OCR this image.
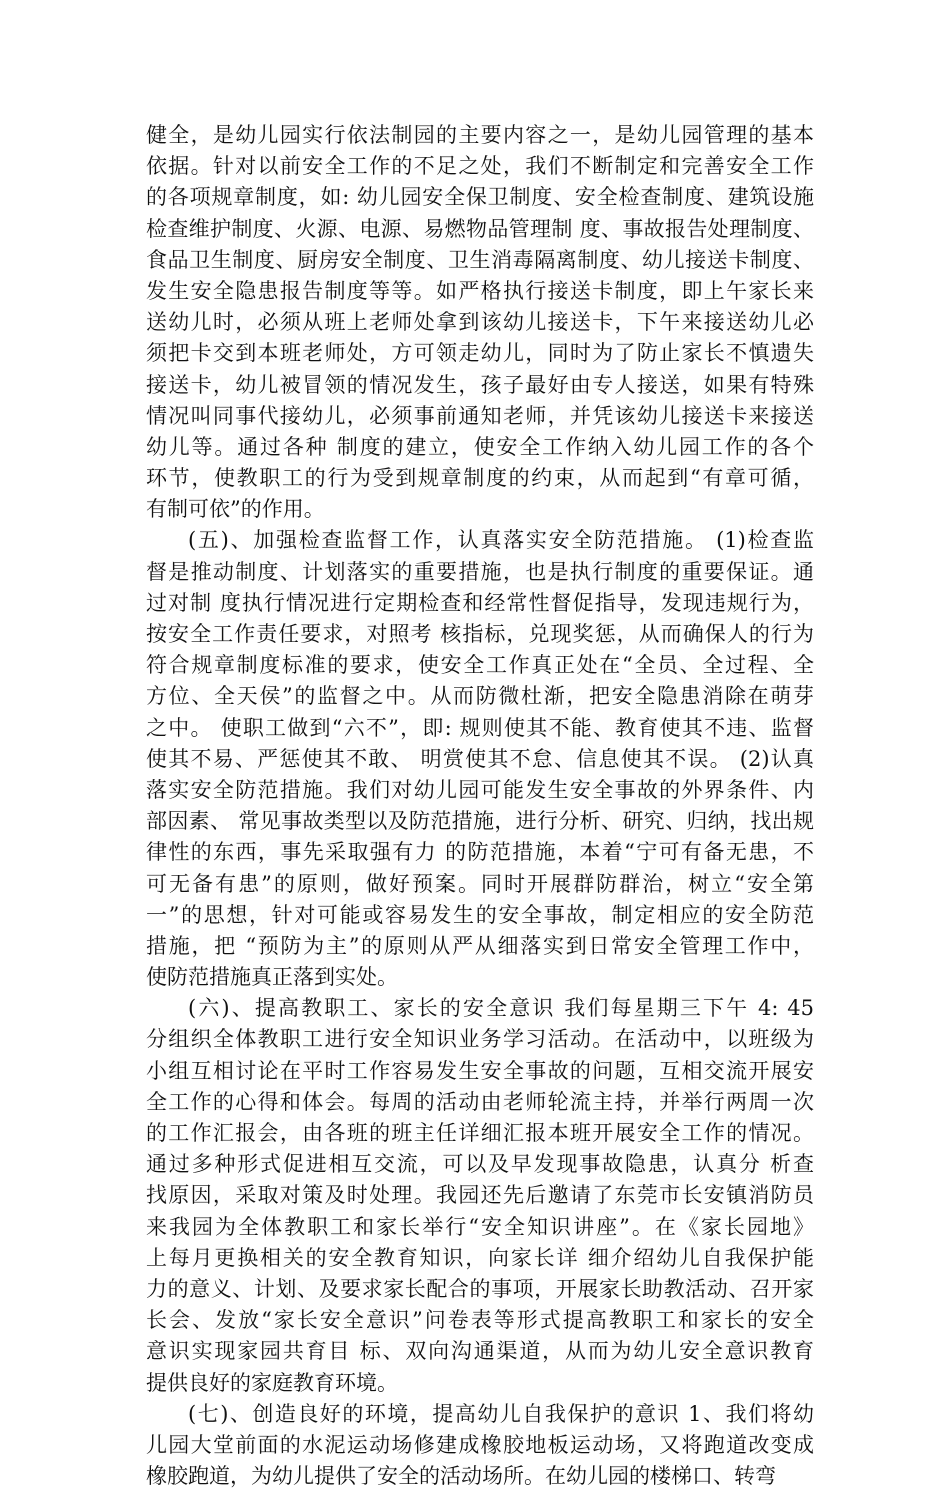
健全，是幼儿园实行依法制园的主要内容之一，是幼儿园管理的基本
依据。针对以前安全工作的不足之处，我们不断制定和完善安全工作
的各项规章制度，如: 幼儿园安全保卫制度、安全检查制度、建筑设施
检查维护制度、火源、电源、易燃物品管理制 度、事故报告处理制度、
食品卫生制度、厨房安全制度、卫生消毒隔离制度、幼儿接送卡制度、
发生安全隐患报告制度等等。如严格执行接送卡制度，即上午家长来
送幼儿时，必须从班上老师处拿到该幼儿接送卡，下午来接送幼儿必
须把卡交到本班老师处，方可领走幼儿，同时为了防止家长不慎遗失
接送卡，幼儿被冒领的情况发生，孩子最好由专人接送，如果有特殊
情况叫同事代接幼儿，必须事前通知老师，并凭该幼儿接送卡来接送
幼儿等。通过各种 制度的建立，使安全工作纳入幼儿园工作的各个
环节，使教职工的行为受到规章制度的约束，从而起到“有章可循，
有制可依”的作用。
(五)、加强检查监督工作，认真落实安全防范措施。 (1)检查监
督是推动制度、计划落实的重要措施，也是执行制度的重要保证。通
过对制 度执行情况进行定期检查和经常性督促指导，发现违规行为，
按安全工作责任要求，对照考 核指标，兑现奖惩，从而确保人的行为
符合规章制度标准的要求，使安全工作真正处在“全员、全过程、全
方位、全天侯”的监督之中。从而防微杜渐，把安全隐患消除在萌芽
之中。 使职工做到“六不”，即: 规则使其不能、教育使其不违、监督
使其不易、严惩使其不敢、 明赏使其不怠、信息使其不误。 (2)认真
落实安全防范措施。我们对幼儿园可能发生安全事故的外界条件、内
部因素、 常见事故类型以及防范措施，进行分析、研究、归纳，找出规
律性的东西，事先采取强有力 的防范措施，本着“宁可有备无患，不
可无备有患”的原则，做好预案。同时开展群防群治，树立“安全第
一”的思想，针对可能或容易发生的安全事故，制定相应的安全防范
措施，把 “预防为主”的原则从严从细落实到日常安全管理工作中，
使防范措施真正落到实处。
(六)、提高教职工、家长的安全意识 我们每星期三下午 4: 45
分组织全体教职工进行安全知识业务学习活动。在活动中，以班级为
小组互相讨论在平时工作容易发生安全事故的问题，互相交流开展安
全工作的心得和体会。每周的活动由老师轮流主持，并举行两周一次
的工作汇报会，由各班的班主任详细汇报本班开展安全工作的情况。
通过多种形式促进相互交流，可以及早发现事故隐患，认真分 析查
找原因，采取对策及时处理。我园还先后邀请了东莞市长安镇消防员
来我园为全体教职工和家长举行“安全知识讲座”。在《家长园地》
上每月更换相关的安全教育知识，向家长详 细介绍幼儿自我保护能
力的意义、计划、及要求家长配合的事项，开展家长助教活动、召开家
长会、发放“家长安全意识”问卷表等形式提高教职工和家长的安全
意识实现家园共育目 标、双向沟通渠道，从而为幼儿安全意识教育
提供良好的家庭教育环境。
(七)、创造良好的环境，提高幼儿自我保护的意识 1、我们将幼
儿园大堂前面的水泥运动场修建成橡胶地板运动场，又将跑道改变成
橡胶跑道，为幼儿提供了安全的活动场所。在幼儿园的楼梯口、转弯
